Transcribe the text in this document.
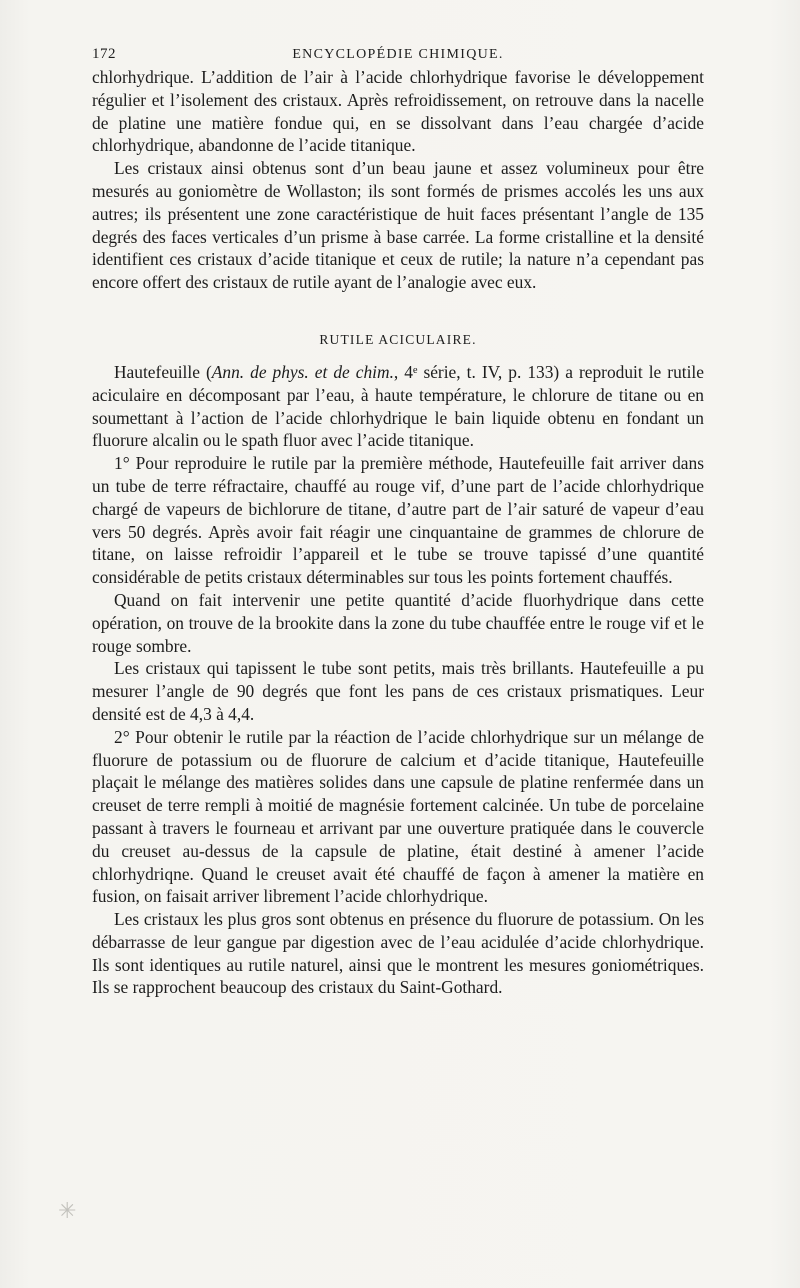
172	ENCYCLOPÉDIE CHIMIQUE.

chlorhydrique. L’addition de l’air à l’acide chlorhydrique favorise le développement régulier et l’isolement des cristaux. Après refroidissement, on retrouve dans la nacelle de platine une matière fondue qui, en se dissolvant dans l’eau chargée d’acide chlorhydrique, abandonne de l’acide titanique.

Les cristaux ainsi obtenus sont d’un beau jaune et assez volumineux pour être mesurés au goniomètre de Wollaston; ils sont formés de prismes accolés les uns aux autres; ils présentent une zone caractéristique de huit faces présentant l’angle de 135 degrés des faces verticales d’un prisme à base carrée. La forme cristalline et la densité identifient ces cristaux d’acide titanique et ceux de rutile; la nature n’a cependant pas encore offert des cristaux de rutile ayant de l’analogie avec eux.

RUTILE ACICULAIRE.

Hautefeuille (Ann. de phys. et de chim., 4ᵉ série, t. IV, p. 133) a reproduit le rutile aciculaire en décomposant par l’eau, à haute température, le chlorure de titane ou en soumettant à l’action de l’acide chlorhydrique le bain liquide obtenu en fondant un fluorure alcalin ou le spath fluor avec l’acide titanique.

1° Pour reproduire le rutile par la première méthode, Hautefeuille fait arriver dans un tube de terre réfractaire, chauffé au rouge vif, d’une part de l’acide chlorhydrique chargé de vapeurs de bichlorure de titane, d’autre part de l’air saturé de vapeur d’eau vers 50 degrés. Après avoir fait réagir une cinquantaine de grammes de chlorure de titane, on laisse refroidir l’appareil et le tube se trouve tapissé d’une quantité considérable de petits cristaux déterminables sur tous les points fortement chauffés.

Quand on fait intervenir une petite quantité d’acide fluorhydrique dans cette opération, on trouve de la brookite dans la zone du tube chauffée entre le rouge vif et le rouge sombre.

Les cristaux qui tapissent le tube sont petits, mais très brillants. Hautefeuille a pu mesurer l’angle de 90 degrés que font les pans de ces cristaux prismatiques. Leur densité est de 4,3 à 4,4.

2° Pour obtenir le rutile par la réaction de l’acide chlorhydrique sur un mélange de fluorure de potassium ou de fluorure de calcium et d’acide titanique, Hautefeuille plaçait le mélange des matières solides dans une capsule de platine renfermée dans un creuset de terre rempli à moitié de magnésie fortement calcinée. Un tube de porcelaine passant à travers le fourneau et arrivant par une ouverture pratiquée dans le couvercle du creuset au-dessus de la capsule de platine, était destiné à amener l’acide chlorhydriqne. Quand le creuset avait été chauffé de façon à amener la matière en fusion, on faisait arriver librement l’acide chlorhydrique.

Les cristaux les plus gros sont obtenus en présence du fluorure de potassium. On les débarrasse de leur gangue par digestion avec de l’eau acidulée d’acide chlorhydrique. Ils sont identiques au rutile naturel, ainsi que le montrent les mesures goniométriques. Ils se rapprochent beaucoup des cristaux du Saint-Gothard.

✳
